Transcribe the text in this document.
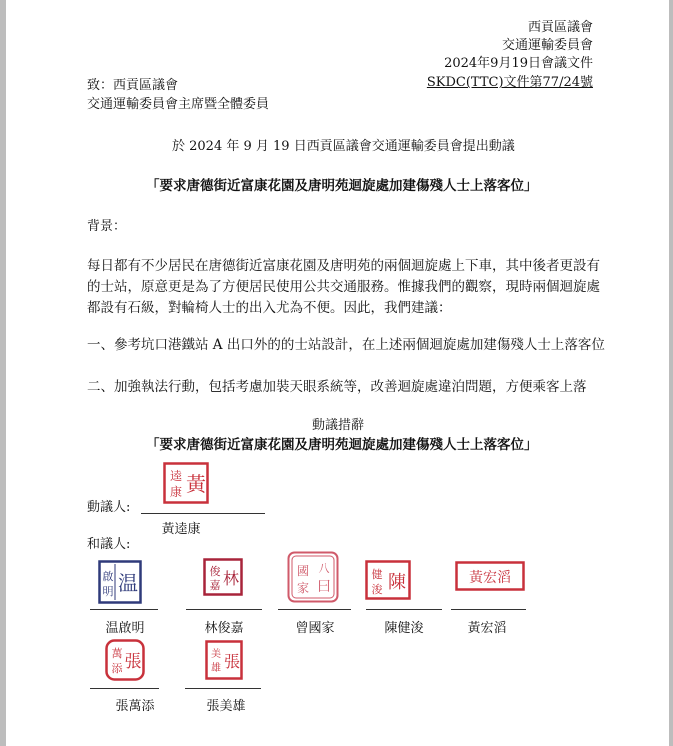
西貢區議會
交通運輸委員會
2024年9月19日會議文件
SKDC(TTC)文件第77/24號
致：西貢區議會
交通運輸委員會主席暨全體委員
於 2024 年 9 月 19 日西貢區議會交通運輸委員會提出動議
「要求唐德街近富康花園及唐明苑迴旋處加建傷殘人士上落客位」
背景：
每日都有不少居民在唐德街近富康花園及唐明苑的兩個迴旋處上下車，其中後者更設有的士站，原意更是為了方便居民使用公共交通服務。惟據我們的觀察，現時兩個迴旋處都設有石級，對輪椅人士的出入尤為不便。因此，我們建議：
一、參考坑口港鐵站 A 出口外的的士站設計，在上述兩個迴旋處加建傷殘人士上落客位
二、加強執法行動，包括考慮加裝天眼系統等，改善迴旋處違泊問題，方便乘客上落
動議措辭
「要求唐德街近富康花園及唐明苑迴旋處加建傷殘人士上落客位」
逵
康 黃
動議人:
黃逵康
和議人:
啟
明 温
温啟明
俊
嘉 林
林俊嘉
八
曰
國
家
曾國家
健
浚 陳
陳健浚
黃宏滔
黃宏滔
萬
添 張
張萬添
美
雄 張
張美雄
